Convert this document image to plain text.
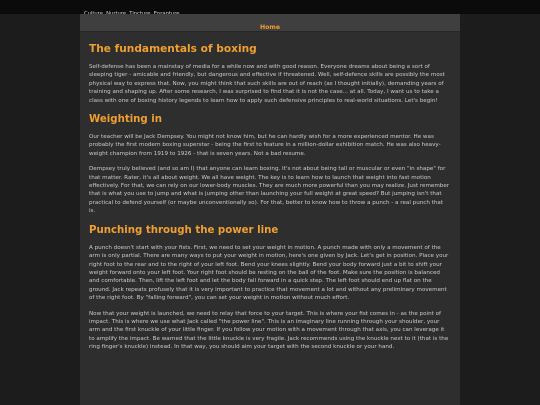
Home
The fundamentals of boxing

Self-defense has been a mainstay of media for a while now and with good reason. Everyone dreams about being a sort of sleeping tiger - amicable and friendly, but dangerous and effective if threatened. Well, self-defence skills are possibly the most physical way to express that. Now, you might think that such skills are out of reach (as I thought initially), demanding years of training and shaping up. After some research, I was surprised to find that it is not the case... at all. Today, I want us to take a class with one of boxing history legends to learn how to apply such defensive principles to real-world situations. Let's begin!

Weighting in

Our teacher will be Jack Dempsey. You might not know him, but he can hardly wish for a more experienced mentor. He was probably the first modern boxing superstar - being the first to feature in a million-dollar exhibition match. He was also heavy-weight champion from 1919 to 1926 - that is seven years. Not a bad resume.

Dempsey truly believed (and so am I) that anyone can learn boxing. It's not about being tall or muscular or even "in shape" for that matter. Rater, it's all about weight. We all have weight. The key is to learn how to launch that weight into fast motion effectively. For that, we can rely on our lower-body muscles. They are much more powerful than you may realize. Just remember that is what you use to jump and what is jumping other than launching your full weight at great speed? But jumping isn't that practical to defend yourself (or maybe unconventionally so). For that, better to know how to throw a punch - a real punch that is.

Punching through the power line

A punch doesn't start with your fists. First, we need to set your weight in motion. A punch made with only a movement of the arm is only partial. There are many ways to put your weight in motion, here's one given by Jack. Let's get in position. Place your right foot to the rear and to the right of your left foot. Bend your knees slightly. Bend your body forward just a bit to shift your weight forward onto your left foot. Your right foot should be resting on the ball of the foot. Make sure the position is balanced and comfortable. Then, lift the left foot and let the body fall forward in a quick step. The left foot should end up flat on the ground. Jack repeats profusely that it is very important to practice that movement a lot and without any preliminary movement of the right foot. By "falling forward", you can set your weight in motion without much effort.

Now that your weight is launched, we need to relay that force to your target. This is where your fist comes in - as the point of impact. This is where we use what Jack called "the power line". This is an imaginary line running through your shoulder, your arm and the first knuckle of your little finger. If you follow your motion with a movement through that axis, you can leverage it to amplify the impact. Be warned that the little knuckle is very fragile. Jack recommends using the knuckle next to it (that is the ring finger's knuckle) instead. In that way, you should aim your target with the second knuckle or your hand.
